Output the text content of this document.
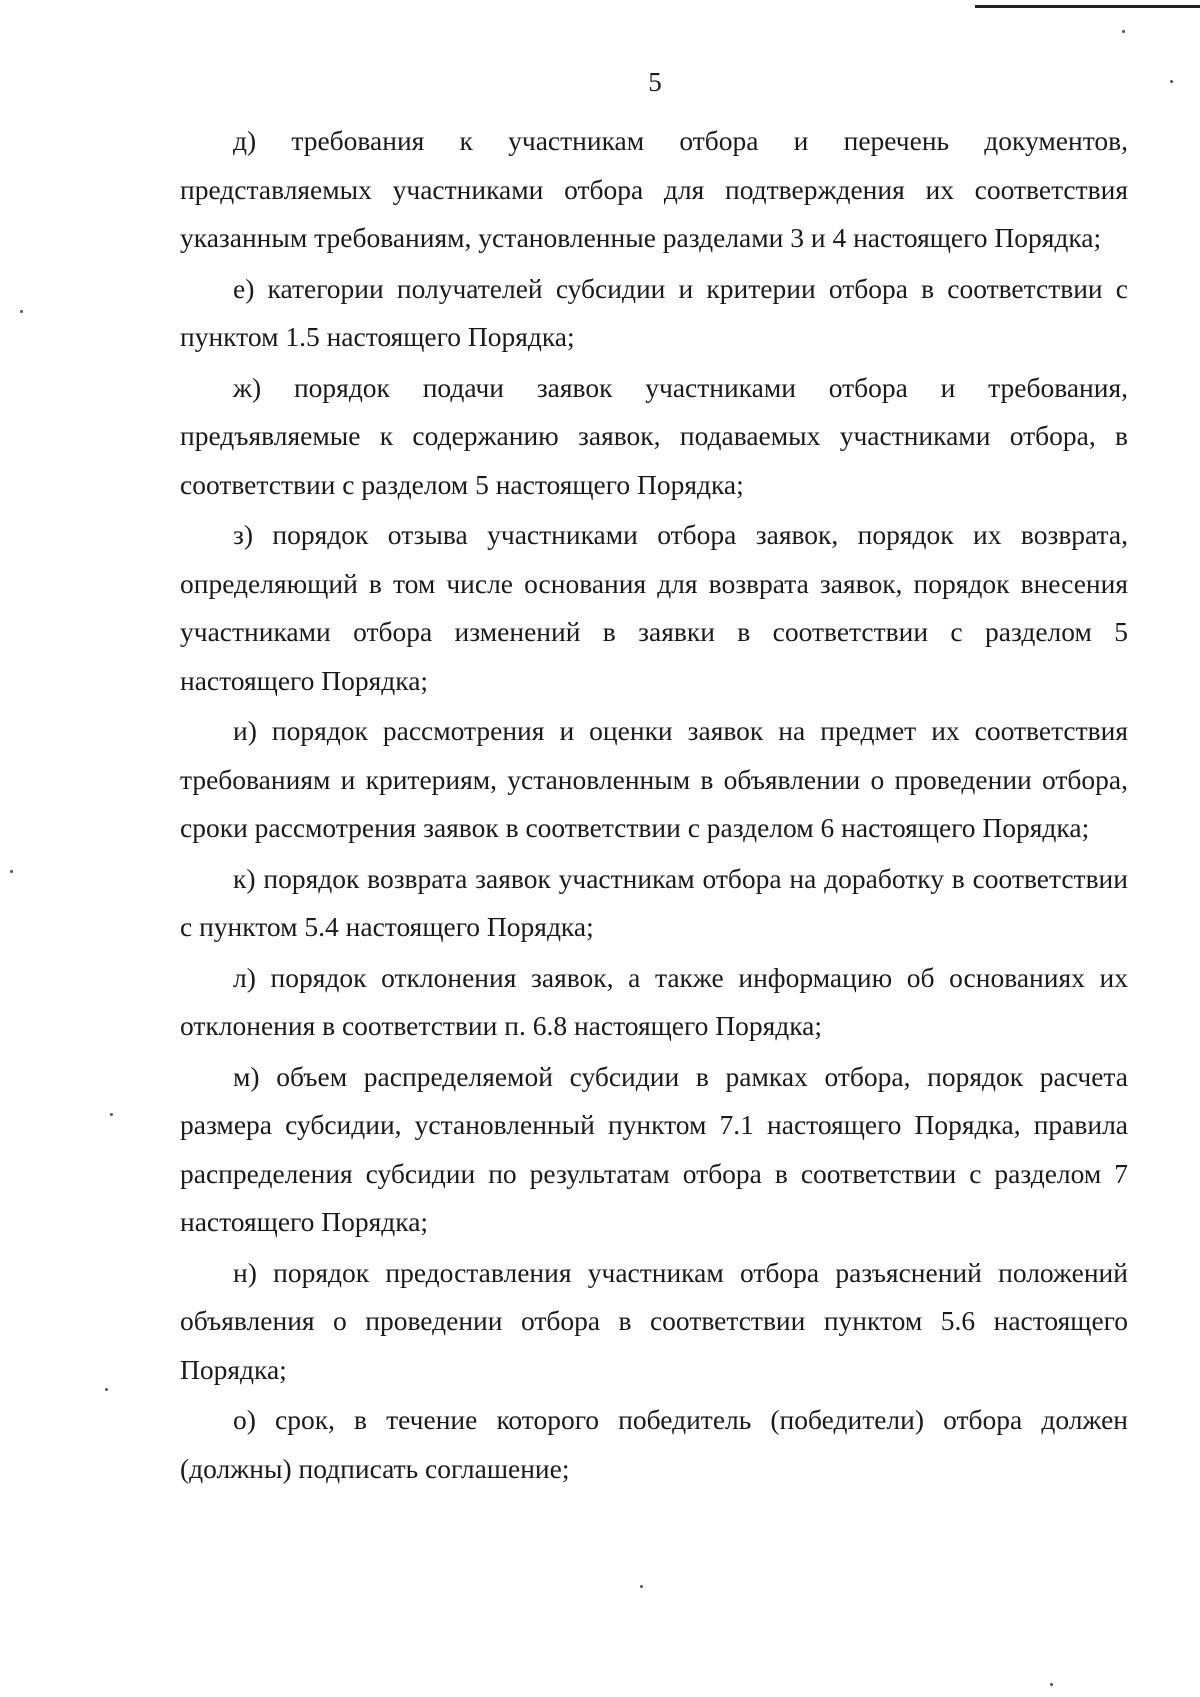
5

д) требования к участникам отбора и перечень документов, представляемых участниками отбора для подтверждения их соответствия указанным требованиям, установленные разделами 3 и 4 настоящего Порядка;

е) категории получателей субсидии и критерии отбора в соответствии с пунктом 1.5 настоящего Порядка;

ж) порядок подачи заявок участниками отбора и требования, предъявляемые к содержанию заявок, подаваемых участниками отбора, в соответствии с разделом 5 настоящего Порядка;

з) порядок отзыва участниками отбора заявок, порядок их возврата, определяющий в том числе основания для возврата заявок, порядок внесения участниками отбора изменений в заявки в соответствии с разделом 5 настоящего Порядка;

и) порядок рассмотрения и оценки заявок на предмет их соответствия требованиям и критериям, установленным в объявлении о проведении отбора, сроки рассмотрения заявок в соответствии с разделом 6 настоящего Порядка;

к) порядок возврата заявок участникам отбора на доработку в соответствии с пунктом 5.4 настоящего Порядка;

л) порядок отклонения заявок, а также информацию об основаниях их отклонения в соответствии п. 6.8 настоящего Порядка;

м) объем распределяемой субсидии в рамках отбора, порядок расчета размера субсидии, установленный пунктом 7.1 настоящего Порядка, правила распределения субсидии по результатам отбора в соответствии с разделом 7 настоящего Порядка;

н) порядок предоставления участникам отбора разъяснений положений объявления о проведении отбора в соответствии пунктом 5.6 настоящего Порядка;

о) срок, в течение которого победитель (победители) отбора должен (должны) подписать соглашение;
